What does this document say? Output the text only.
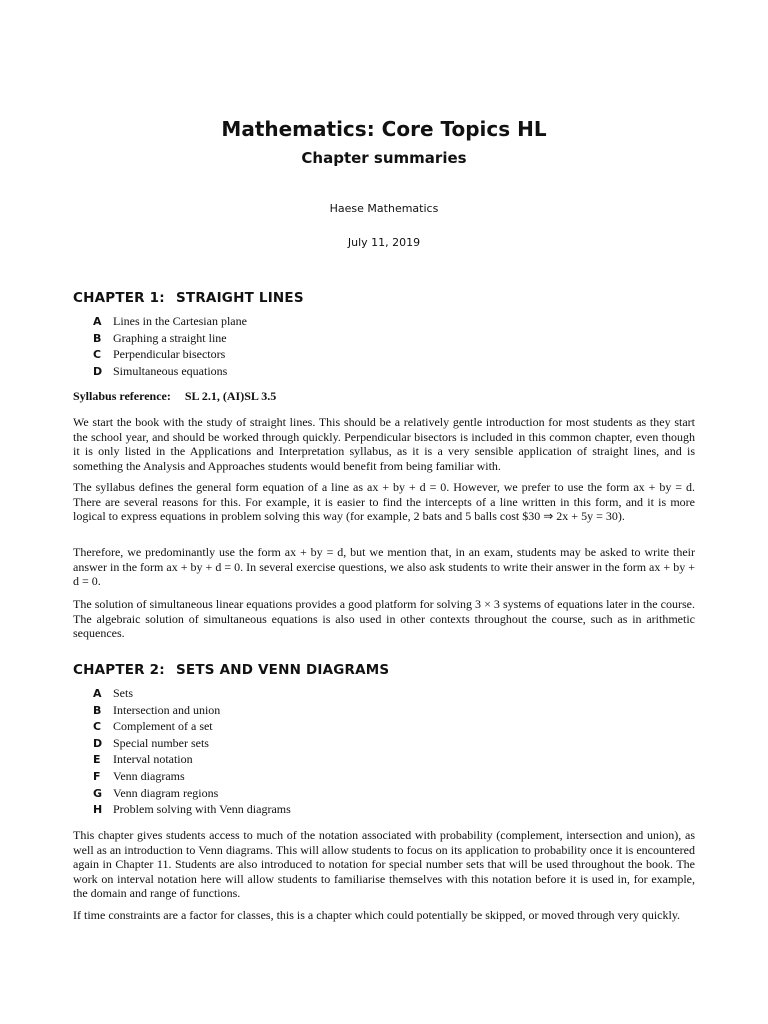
Mathematics: Core Topics HL
Chapter summaries
Haese Mathematics
July 11, 2019
CHAPTER 1: STRAIGHT LINES
A Lines in the Cartesian plane
B Graphing a straight line
C Perpendicular bisectors
D Simultaneous equations
Syllabus reference: SL 2.1, (AI)SL 3.5

We start the book with the study of straight lines. This should be a relatively gentle introduction for most students as they start the school year, and should be worked through quickly. Perpendicular bisectors is included in this common chapter, even though it is only listed in the Applications and Interpretation syllabus, as it is a very sensible application of straight lines, and is something the Analysis and Approaches students would benefit from being familiar with.

The syllabus defines the general form equation of a line as ax + by + d = 0. However, we prefer to use the form ax + by = d. There are several reasons for this. For example, it is easier to find the intercepts of a line written in this form, and it is more logical to express equations in problem solving this way (for example, 2 bats and 5 balls cost $30 ⇒ 2x + 5y = 30).

Therefore, we predominantly use the form ax + by = d, but we mention that, in an exam, students may be asked to write their answer in the form ax + by + d = 0. In several exercise questions, we also ask students to write their answer in the form ax + by + d = 0.

The solution of simultaneous linear equations provides a good platform for solving 3 × 3 systems of equations later in the course. The algebraic solution of simultaneous equations is also used in other contexts throughout the course, such as in arithmetic sequences.

CHAPTER 2: SETS AND VENN DIAGRAMS
A Sets
B Intersection and union
C Complement of a set
D Special number sets
E Interval notation
F Venn diagrams
G Venn diagram regions
H Problem solving with Venn diagrams

This chapter gives students access to much of the notation associated with probability (complement, intersection and union), as well as an introduction to Venn diagrams. This will allow students to focus on its application to probability once it is encountered again in Chapter 11. Students are also introduced to notation for special number sets that will be used throughout the book. The work on interval notation here will allow students to familiarise themselves with this notation before it is used in, for example, the domain and range of functions.

If time constraints are a factor for classes, this is a chapter which could potentially be skipped, or moved through very quickly.
